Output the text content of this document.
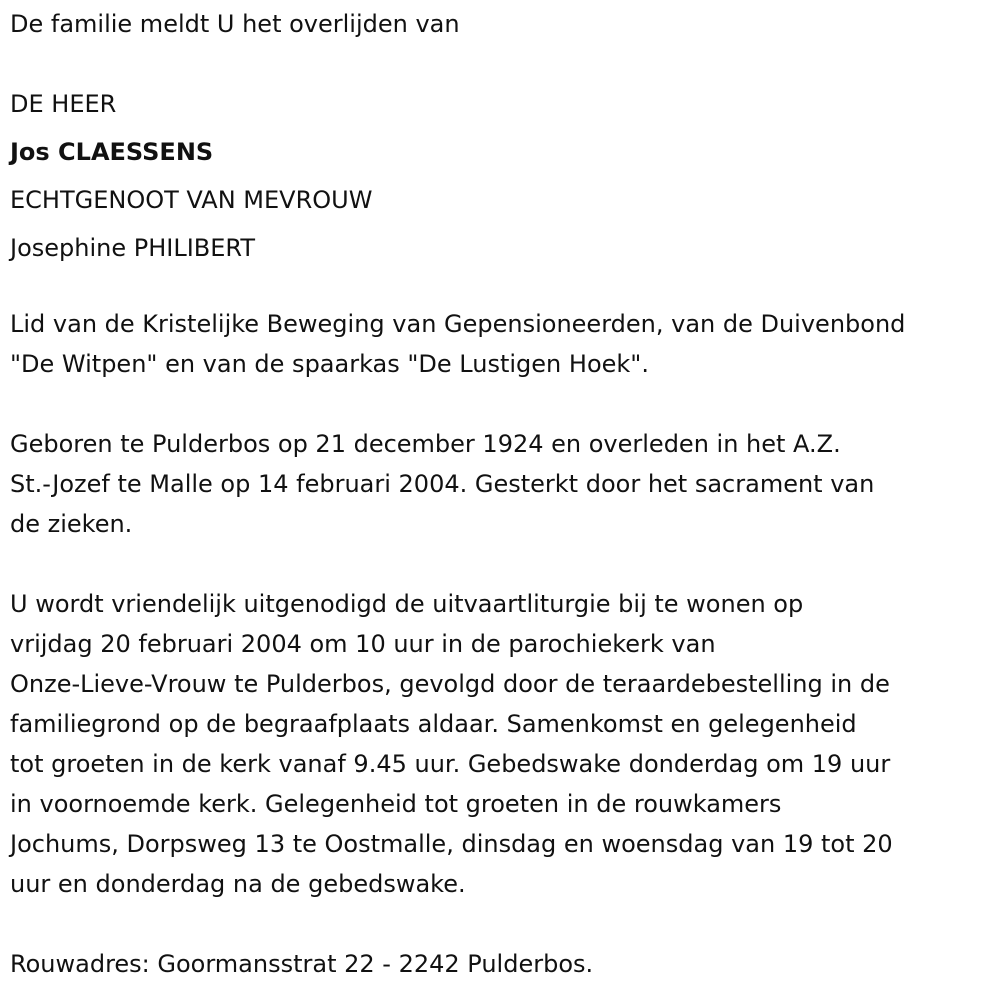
De familie meldt U het overlijden van

DE HEER

Jos CLAESSENS

ECHTGENOOT VAN MEVROUW

Josephine PHILIBERT

Lid van de Kristelijke Beweging van Gepensioneerden, van de Duivenbond
"De Witpen" en van de spaarkas "De Lustigen Hoek".

Geboren te Pulderbos op 21 december 1924 en overleden in het A.Z.
St.-Jozef te Malle op 14 februari 2004. Gesterkt door het sacrament van
de zieken.

U wordt vriendelijk uitgenodigd de uitvaartliturgie bij te wonen op
vrijdag 20 februari 2004 om 10 uur in de parochiekerk van
Onze-Lieve-Vrouw te Pulderbos, gevolgd door de teraardebestelling in de
familiegrond op de begraafplaats aldaar. Samenkomst en gelegenheid
tot groeten in de kerk vanaf 9.45 uur. Gebedswake donderdag om 19 uur
in voornoemde kerk. Gelegenheid tot groeten in de rouwkamers
Jochums, Dorpsweg 13 te Oostmalle, dinsdag en woensdag van 19 tot 20
uur en donderdag na de gebedswake.

Rouwadres: Goormansstrat 22 - 2242 Pulderbos.
